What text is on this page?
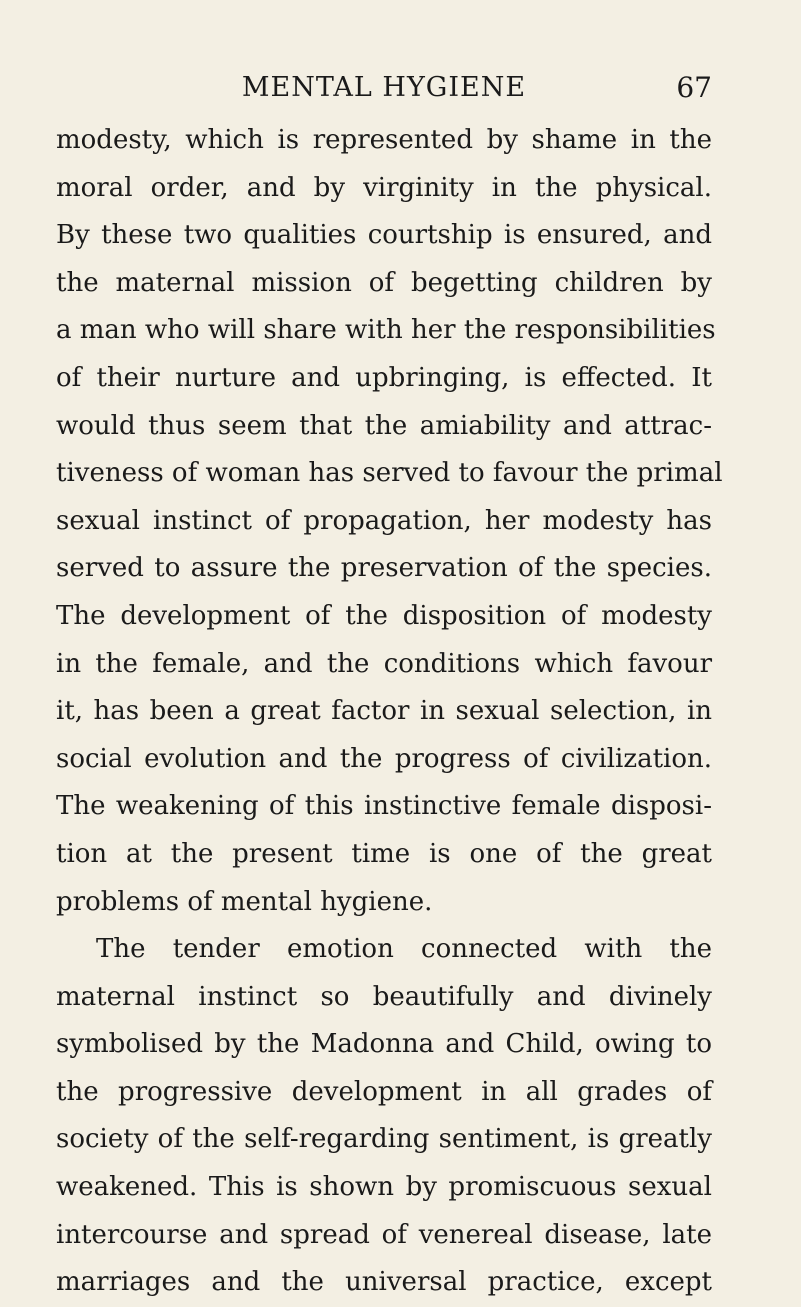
MENTAL HYGIENE	67
modesty, which is represented by shame in the
moral order, and by virginity in the physical.
By these two qualities courtship is ensured, and
the maternal mission of begetting children by
a man who will share with her the responsibilities
of their nurture and upbringing, is effected. It
would thus seem that the amiability and attrac-
tiveness of woman has served to favour the primal
sexual instinct of propagation, her modesty has
served to assure the preservation of the species.
The development of the disposition of modesty
in the female, and the conditions which favour
it, has been a great factor in sexual selection, in
social evolution and the progress of civilization.
The weakening of this instinctive female disposi-
tion at the present time is one of the great
problems of mental hygiene.
The tender emotion connected with the
maternal instinct so beautifully and divinely
symbolised by the Madonna and Child, owing to
the progressive development in all grades of
society of the self-regarding sentiment, is greatly
weakened. This is shown by promiscuous sexual
intercourse and spread of venereal disease, late
marriages and the universal practice, except
